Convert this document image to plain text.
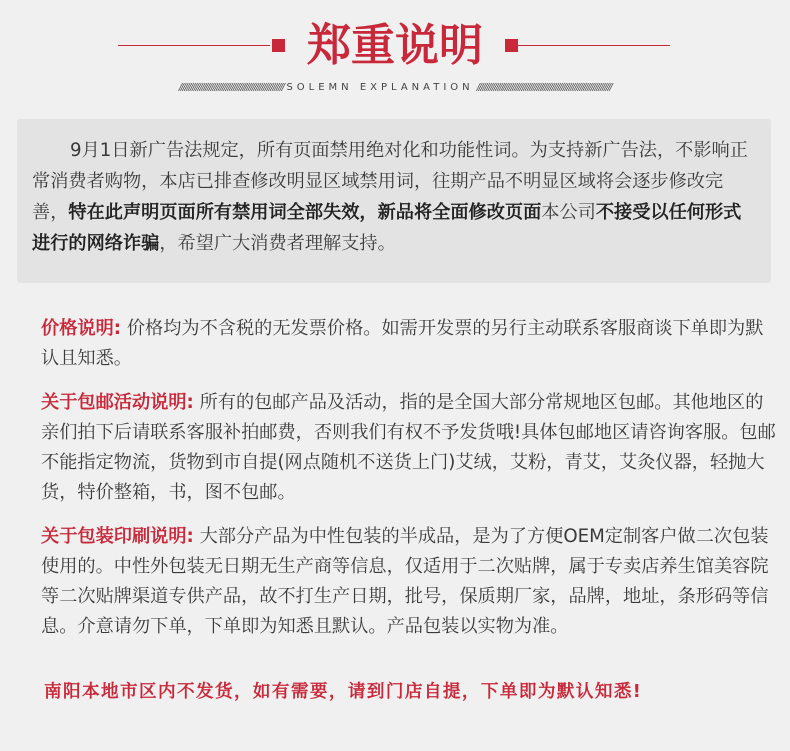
郑重说明
//////////////////////////////////////////////////////// SOLEMN EXPLANATION ////////////////////////////////////////////////////////////////////////
9月1日新广告法规定，所有页面禁用绝对化和功能性词。为支持新广告法，不影响正常消费者购物，本店已排查修改明显区域禁用词，往期产品不明显区域将会逐步修改完善，特在此声明页面所有禁用词全部失效，新品将全面修改页面本公司不接受以任何形式进行的网络诈骗，希望广大消费者理解支持。
价格说明: 价格均为不含税的无发票价格。如需开发票的另行主动联系客服商谈下单即为默认且知悉。
关于包邮活动说明: 所有的包邮产品及活动，指的是全国大部分常规地区包邮。其他地区的亲们拍下后请联系客服补拍邮费，否则我们有权不予发货哦!具体包邮地区请咨询客服。包邮不能指定物流，货物到市自提(网点随机不送货上门)艾绒，艾粉，青艾，艾灸仪器，轻抛大货，特价整箱，书，图不包邮。
关于包装印刷说明: 大部分产品为中性包装的半成品，是为了方便OEM定制客户做二次包装使用的。中性外包装无日期无生产商等信息，仅适用于二次贴牌，属于专卖店养生馆美容院等二次贴牌渠道专供产品，故不打生产日期，批号，保质期厂家，品牌，地址，条形码等信息。介意请勿下单，下单即为知悉且默认。产品包装以实物为准。
南阳本地市区内不发货，如有需要，请到门店自提，下单即为默认知悉!
